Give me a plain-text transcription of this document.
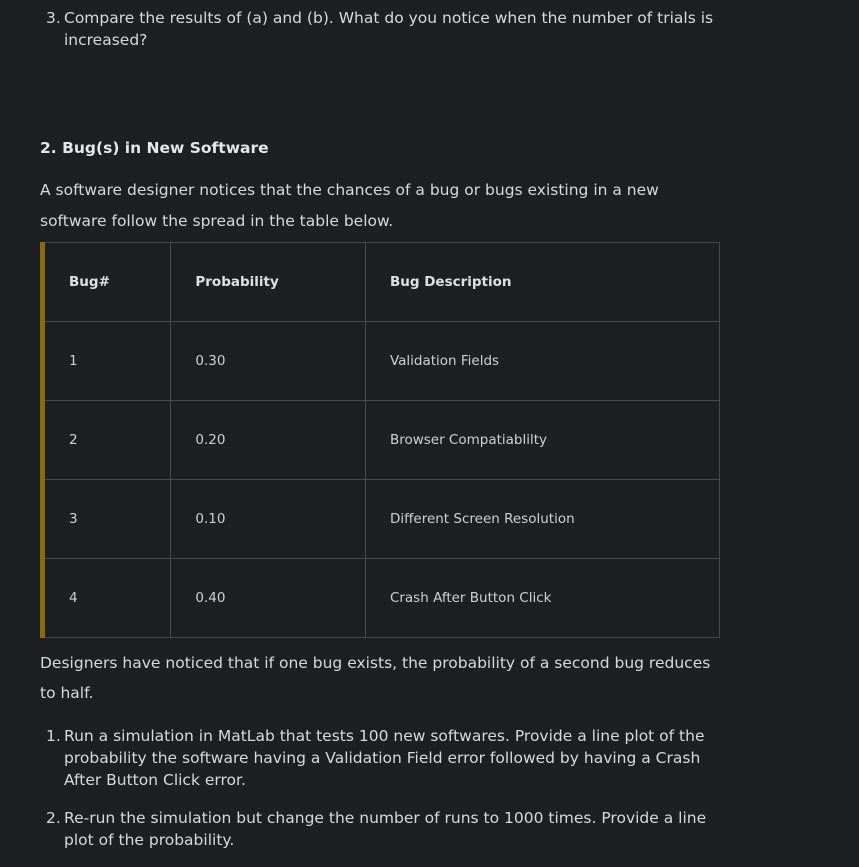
3. Compare the results of (a) and (b). What do you notice when the number of trials is increased?
2. Bug(s) in New Software
A software designer notices that the chances of a bug or bugs existing in a new software follow the spread in the table below.
Bug#	Probability	Bug Description
1	0.30	Validation Fields
2	0.20	Browser Compatiablilty
3	0.10	Different Screen Resolution
4	0.40	Crash After Button Click
Designers have noticed that if one bug exists, the probability of a second bug reduces to half.
1. Run a simulation in MatLab that tests 100 new softwares. Provide a line plot of the probability the software having a Validation Field error followed by having a Crash After Button Click error.
2. Re-run the simulation but change the number of runs to 1000 times. Provide a line plot of the probability.
